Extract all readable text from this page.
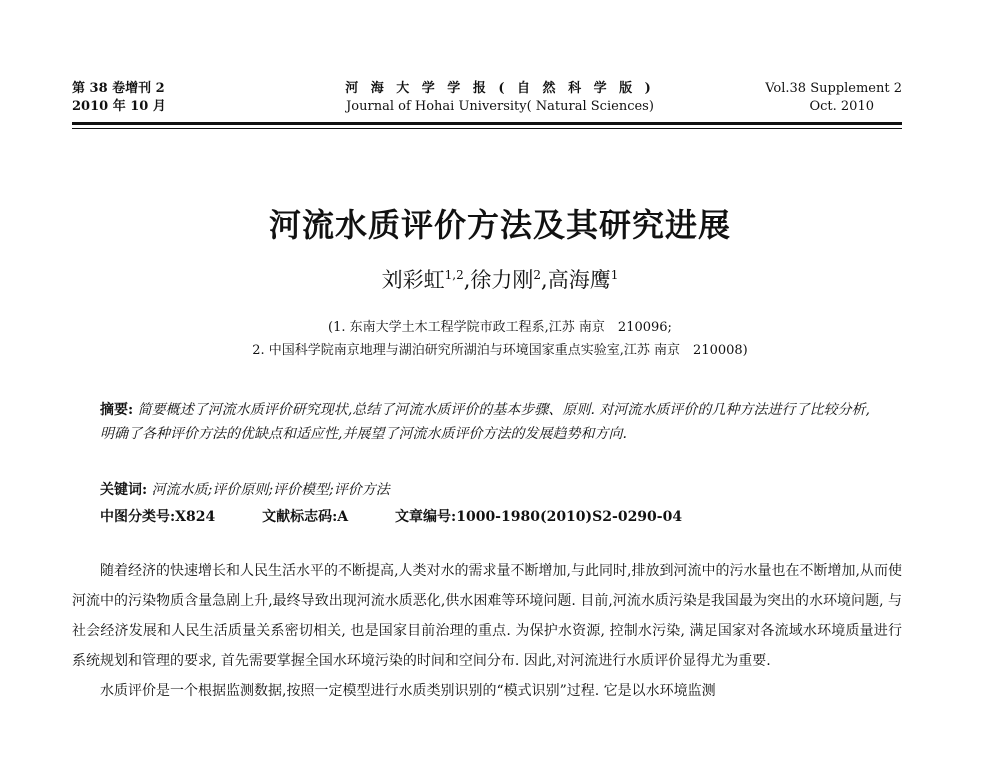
第 38 卷增刊 2
2010 年 10 月
河 海 大 学 学 报 ( 自 然 科 学 版 )
Journal of Hohai University( Natural Sciences)
Vol.38 Supplement 2
Oct. 2010
河流水质评价方法及其研究进展
刘彩虹$^{1,2}$,徐力刚$^2$,高海鹰$^1$
(1. 东南大学土木工程学院市政工程系,江苏 南京　210096;
2. 中国科学院南京地理与湖泊研究所湖泊与环境国家重点实验室,江苏 南京　210008)
摘要: 简要概述了河流水质评价研究现状,总结了河流水质评价的基本步骤、原则. 对河流水质评价的几种方法进行了比较分析,明确了各种评价方法的优缺点和适应性,并展望了河流水质评价方法的发展趋势和方向.
关键词: 河流水质;评价原则;评价模型;评价方法
中图分类号:X824	文献标志码:A	文章编号:1000-1980(2010)S2-0290-04

随着经济的快速增长和人民生活水平的不断提高,人类对水的需求量不断增加,与此同时,排放到河流中的污水量也在不断增加,从而使河流中的污染物质含量急剧上升,最终导致出现河流水质恶化,供水困难等环境问题. 目前,河流水质污染是我国最为突出的水环境问题, 与社会经济发展和人民生活质量关系密切相关, 也是国家目前治理的重点. 为保护水资源, 控制水污染, 满足国家对各流域水环境质量进行系统规划和管理的要求, 首先需要掌握全国水环境污染的时间和空间分布. 因此,对河流进行水质评价显得尤为重要.

水质评价是一个根据监测数据,按照一定模型进行水质类别识别的“模式识别”过程. 它是以水环境监测
